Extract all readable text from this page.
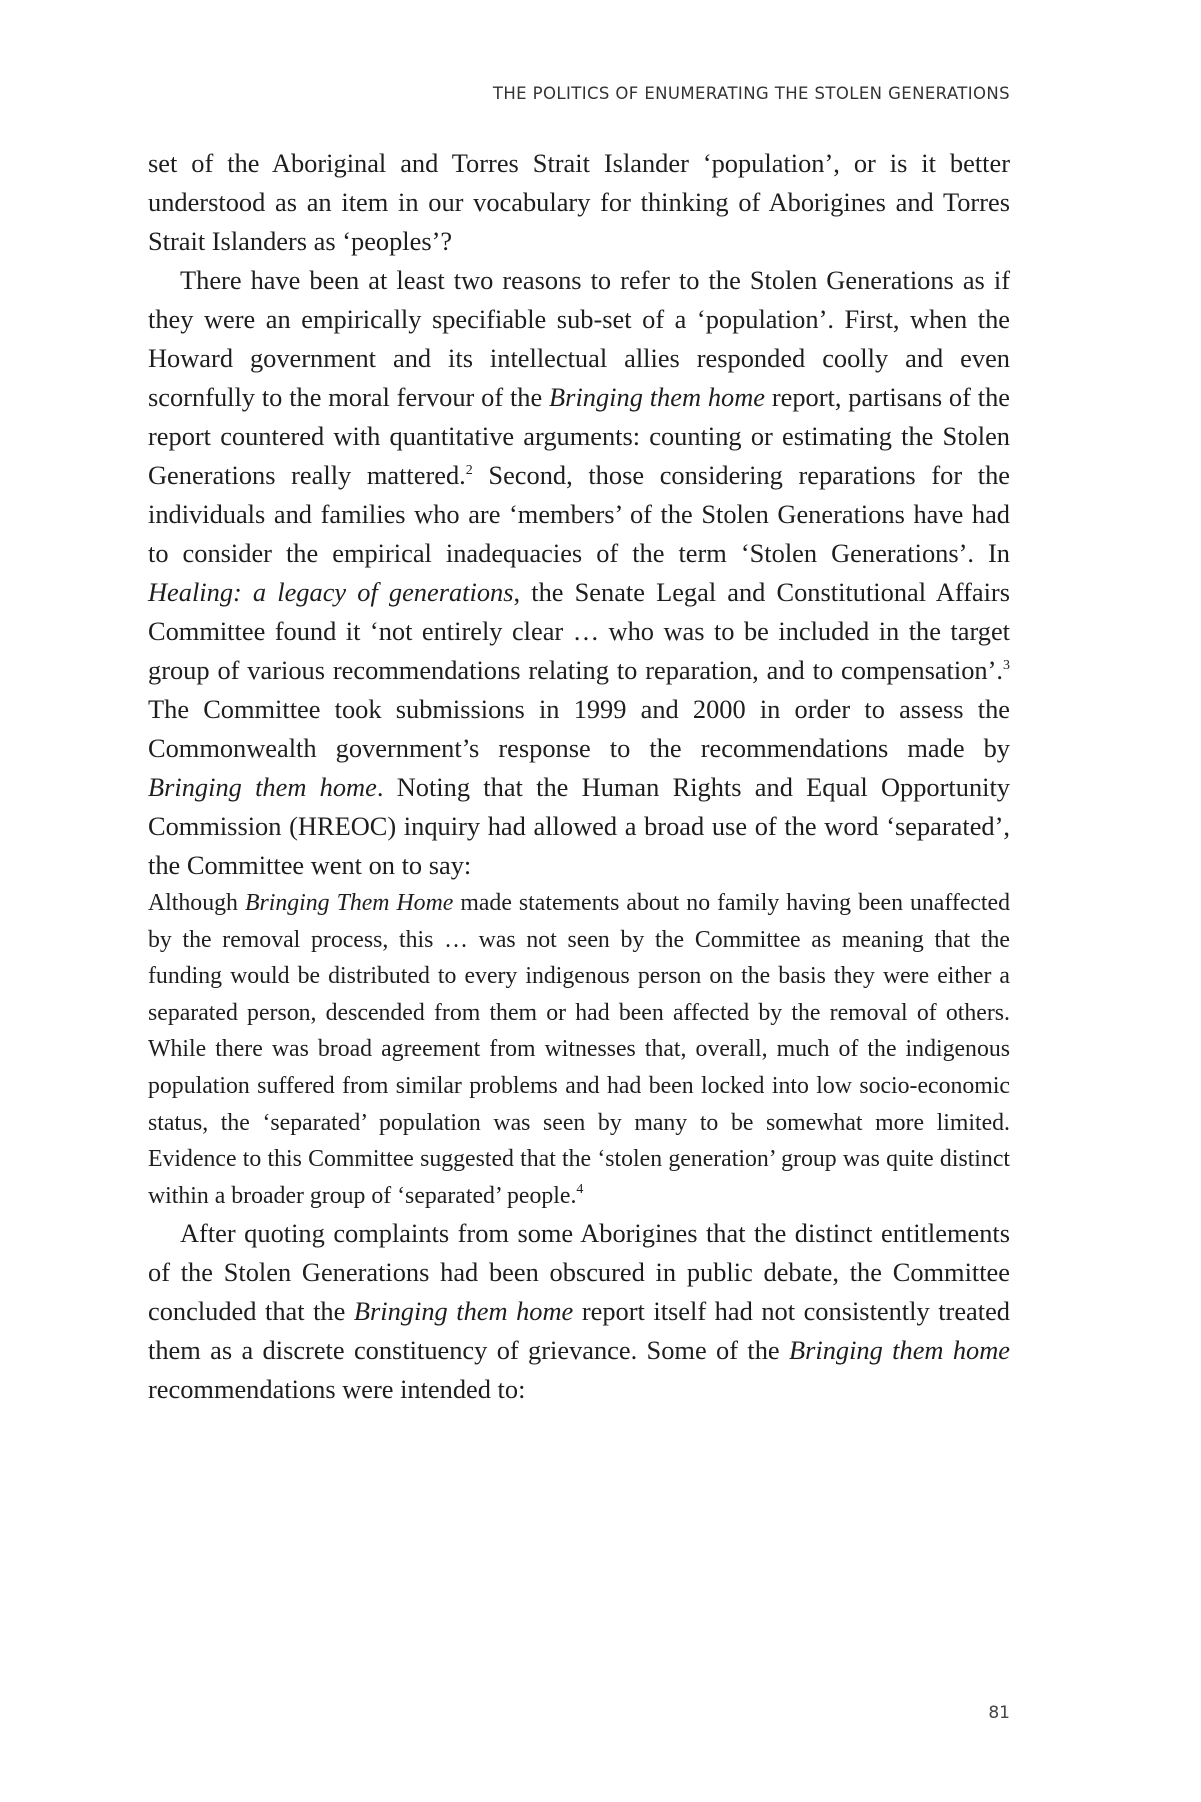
THE POLITICS OF ENUMERATING THE STOLEN GENERATIONS

set of the Aboriginal and Torres Strait Islander ‘population’, or is it better understood as an item in our vocabulary for thinking of Aborigines and Torres Strait Islanders as ‘peoples’?

There have been at least two reasons to refer to the Stolen Generations as if they were an empirically specifiable sub-set of a ‘population’. First, when the Howard government and its intellectual allies responded coolly and even scornfully to the moral fervour of the Bringing them home report, partisans of the report countered with quantitative arguments: counting or estimating the Stolen Generations really mattered.$^2$ Second, those considering reparations for the individuals and families who are ‘members’ of the Stolen Generations have had to consider the empirical inadequacies of the term ‘Stolen Generations’. In Healing: a legacy of generations, the Senate Legal and Constitutional Affairs Committee found it ‘not entirely clear … who was to be included in the target group of various recommendations relating to reparation, and to compensation’.$^3$ The Committee took submissions in 1999 and 2000 in order to assess the Commonwealth government’s response to the recommendations made by Bringing them home. Noting that the Human Rights and Equal Opportunity Commission (HREOC) inquiry had allowed a broad use of the word ‘separated’, the Committee went on to say:

Although Bringing Them Home made statements about no family having been unaffected by the removal process, this … was not seen by the Committee as meaning that the funding would be distributed to every indigenous person on the basis they were either a separated person, descended from them or had been affected by the removal of others. While there was broad agreement from witnesses that, overall, much of the indigenous population suffered from similar problems and had been locked into low socio-economic status, the ‘separated’ population was seen by many to be somewhat more limited. Evidence to this Committee suggested that the ‘stolen generation’ group was quite distinct within a broader group of ‘separated’ people.$^4$

After quoting complaints from some Aborigines that the distinct entitlements of the Stolen Generations had been obscured in public debate, the Committee concluded that the Bringing them home report itself had not consistently treated them as a discrete constituency of grievance. Some of the Bringing them home recommendations were intended to:

81
